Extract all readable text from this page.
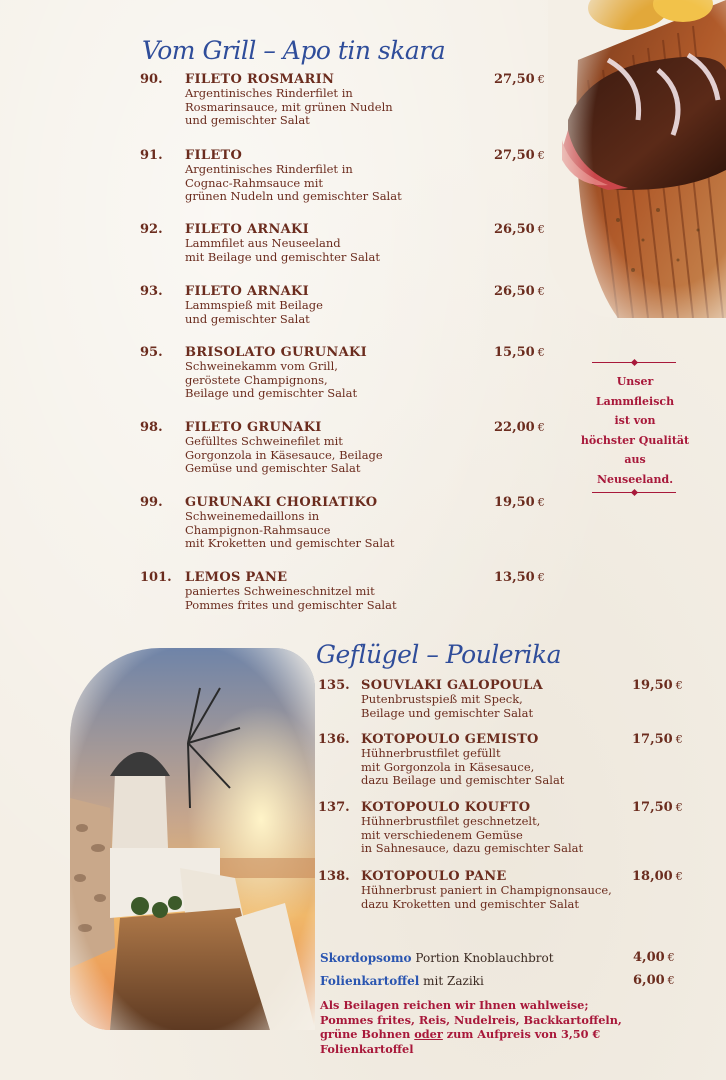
Vom Grill – Apo tin skara
90. FILETO ROSMARIN
Argentinisches Rinderfilet in
Rosmarinsauce, mit grünen Nudeln
und gemischter Salat
27,50 €
91. FILETO
Argentinisches Rinderfilet in
Cognac-Rahmsauce mit
grünen Nudeln und gemischter Salat
27,50 €
92. FILETO ARNAKI
Lammfilet aus Neuseeland
mit Beilage und gemischter Salat
26,50 €
93. FILETO ARNAKI
Lammspieß mit Beilage
und gemischter Salat
26,50 €
95. BRISOLATO GURUNAKI
Schweinekamm vom Grill,
geröstete Champignons,
Beilage und gemischter Salat
15,50 €
98. FILETO GRUNAKI
Gefülltes Schweinefilet mit
Gorgonzola in Käsesauce, Beilage
Gemüse und gemischter Salat
22,00 €
99. GURUNAKI CHORIATIKO
Schweinemedaillons in
Champignon-Rahmsauce
mit Kroketten und gemischter Salat
19,50 €
101. LEMOS PANE
paniertes Schweineschnitzel mit
Pommes frites und gemischter Salat
13,50 €
Unser
Lammfleisch
ist von
höchster Qualität
aus
Neuseeland.
Geflügel – Poulerika
135. SOUVLAKI GALOPOULA
Putenbrustspieß mit Speck,
Beilage und gemischter Salat
19,50 €
136. KOTOPOULO GEMISTO
Hühnerbrustfilet gefüllt
mit Gorgonzola in Käsesauce,
dazu Beilage und gemischter Salat
17,50 €
137. KOTOPOULO KOUFTO
Hühnerbrustfilet geschnetzelt,
mit verschiedenem Gemüse
in Sahnesauce, dazu gemischter Salat
17,50 €
138. KOTOPOULO PANE
Hühnerbrust paniert in Champignonsauce,
dazu Kroketten und gemischter Salat
18,00 €
Skordopsomo Portion Knoblauchbrot	4,00 €
Folienkartoffel mit Zaziki	6,00 €
Als Beilagen reichen wir Ihnen wahlweise;
Pommes frites, Reis, Nudelreis, Backkartoffeln,
grüne Bohnen oder zum Aufpreis von 3,50 € Folienkartoffel
